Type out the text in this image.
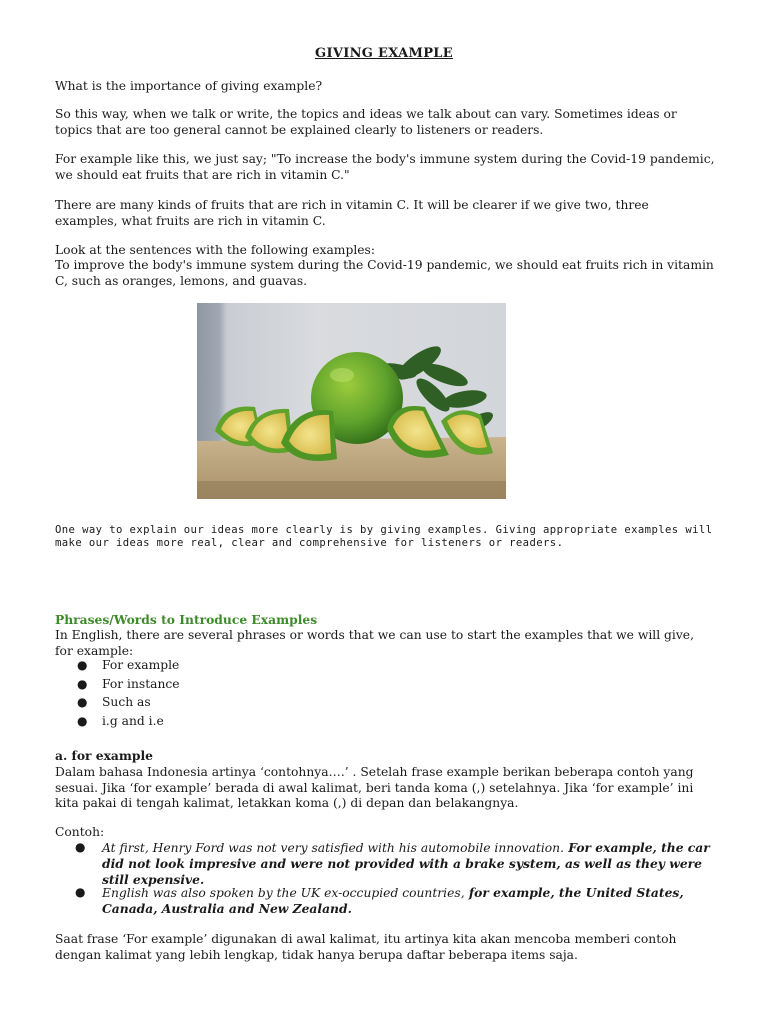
GIVING EXAMPLE

What is the importance of giving example?

So this way, when we talk or write, the topics and ideas we talk about can vary. Sometimes ideas or topics that are too general cannot be explained clearly to listeners or readers.

For example like this, we just say; "To increase the body's immune system during the Covid-19 pandemic, we should eat fruits that are rich in vitamin C."

There are many kinds of fruits that are rich in vitamin C. It will be clearer if we give two, three examples, what fruits are rich in vitamin C.

Look at the sentences with the following examples:

To improve the body's immune system during the Covid-19 pandemic, we should eat fruits rich in vitamin C, such as oranges, lemons, and guavas.

One way to explain our ideas more clearly is by giving examples. Giving appropriate examples will make our ideas more real, clear and comprehensive for listeners or readers.

Phrases/Words to Introduce Examples

In English, there are several phrases or words that we can use to start the examples that we will give, for example:

● For example
● For instance
● Such as
● i.g and i.e
a. for example

Dalam bahasa Indonesia artinya ‘contohnya….’ . Setelah frase example berikan beberapa contoh yang sesuai. Jika ‘for example’ berada di awal kalimat, beri tanda koma (,) setelahnya. Jika ‘for example’ ini kita pakai di tengah kalimat, letakkan koma (,) di depan dan belakangnya.

Contoh:

● At first, Henry Ford was not very satisfied with his automobile innovation. For example, the car did not look impresive and were not provided with a brake system, as well as they were still expensive.
● English was also spoken by the UK ex-occupied countries, for example, the United States, Canada, Australia and New Zealand.

Saat frase ‘For example’ digunakan di awal kalimat, itu artinya kita akan mencoba memberi contoh dengan kalimat yang lebih lengkap, tidak hanya berupa daftar beberapa items saja.
